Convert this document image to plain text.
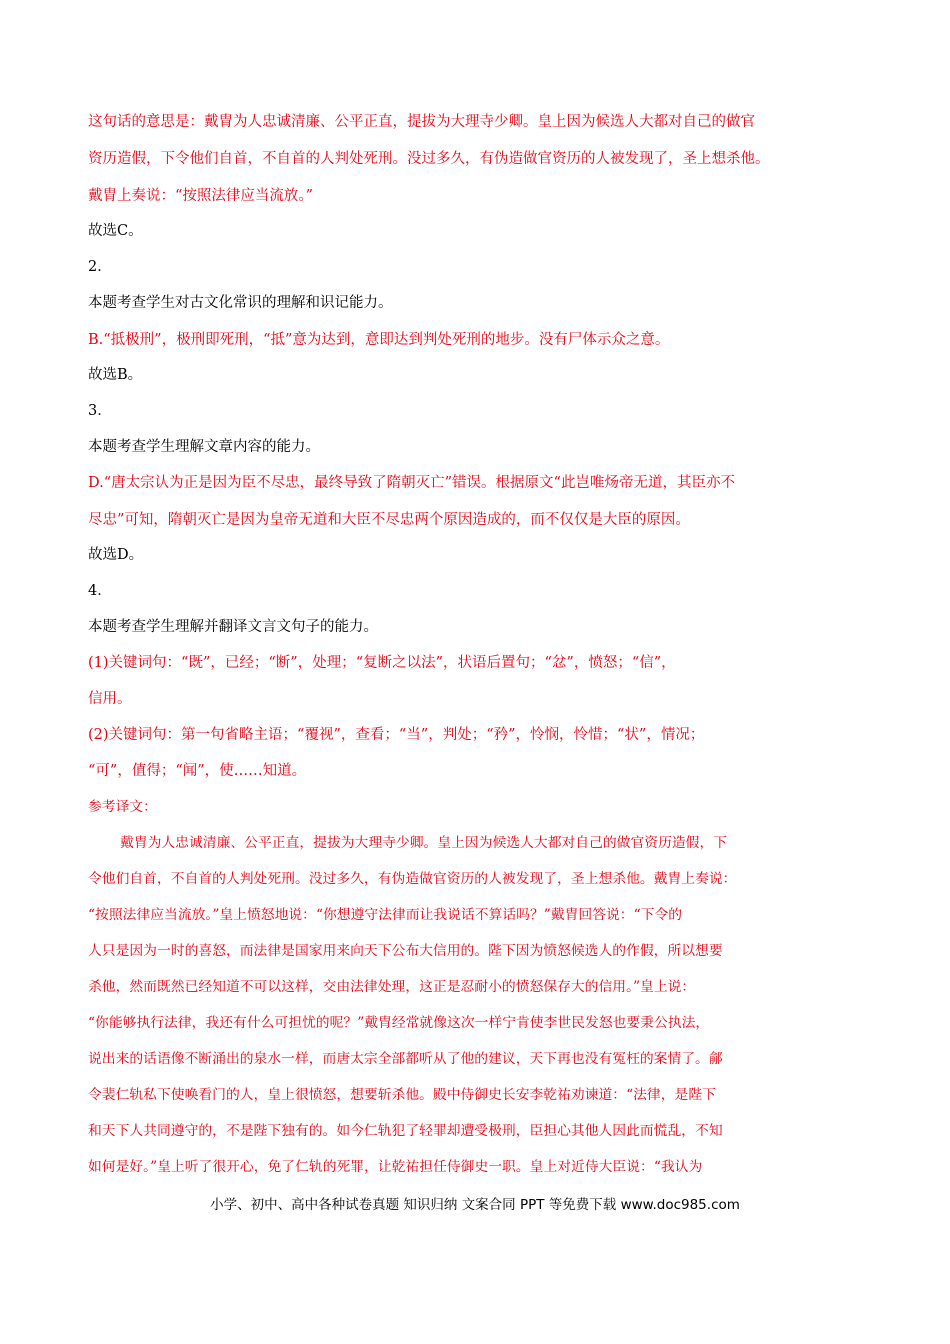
这句话的意思是：戴胄为人忠诚清廉、公平正直，提拔为大理寺少卿。皇上因为候选人大都对自己的做官

资历造假，下令他们自首，不自首的人判处死刑。没过多久，有伪造做官资历的人被发现了，圣上想杀他。

戴胄上奏说：“按照法律应当流放。”

故选C。

2．

本题考查学生对古文化常识的理解和识记能力。

B.“抵极刑”，极刑即死刑，“抵”意为达到，意即达到判处死刑的地步。没有尸体示众之意。

故选B。

3．

本题考查学生理解文章内容的能力。

D.“唐太宗认为正是因为臣不尽忠，最终导致了隋朝灭亡”错误。根据原文“此岂唯炀帝无道，其臣亦不

尽忠”可知，隋朝灭亡是因为皇帝无道和大臣不尽忠两个原因造成的，而不仅仅是大臣的原因。

故选D。

4．

本题考查学生理解并翻译文言文句子的能力。

(1)关键词句：“既”，已经；“断”，处理；“复断之以法”，状语后置句；“忿”，愤怒；“信”，

信用。

(2)关键词句：第一句省略主语；“覆视”，查看；“当”，判处；“矜”，怜悯，怜惜；“状”，情况；

“可”，值得；“闻”，使……知道。

参考译文：

戴胄为人忠诚清廉、公平正直，提拔为大理寺少卿。皇上因为候选人大都对自己的做官资历造假，下

令他们自首，不自首的人判处死刑。没过多久，有伪造做官资历的人被发现了，圣上想杀他。戴胄上奏说：

“按照法律应当流放。”皇上愤怒地说：“你想遵守法律而让我说话不算话吗？”戴胄回答说：“下令的

人只是因为一时的喜怒，而法律是国家用来向天下公布大信用的。陛下因为愤怒候选人的作假，所以想要

杀他，然而既然已经知道不可以这样，交由法律处理，这正是忍耐小的愤怒保存大的信用。”皇上说：

“你能够执行法律，我还有什么可担忧的呢？”戴胄经常就像这次一样宁肯使李世民发怒也要秉公执法，

说出来的话语像不断涌出的泉水一样，而唐太宗全部都听从了他的建议，天下再也没有冤枉的案情了。鄃

令裴仁轨私下使唤看门的人，皇上很愤怒，想要斩杀他。殿中侍御史长安李乾祐劝谏道：“法律，是陛下

和天下人共同遵守的，不是陛下独有的。如今仁轨犯了轻罪却遭受极刑，臣担心其他人因此而慌乱，不知

如何是好。”皇上听了很开心，免了仁轨的死罪，让乾祐担任侍御史一职。皇上对近侍大臣说：“我认为

小学、初中、高中各种试卷真题 知识归纳 文案合同 PPT 等免费下载 www.doc985.com
